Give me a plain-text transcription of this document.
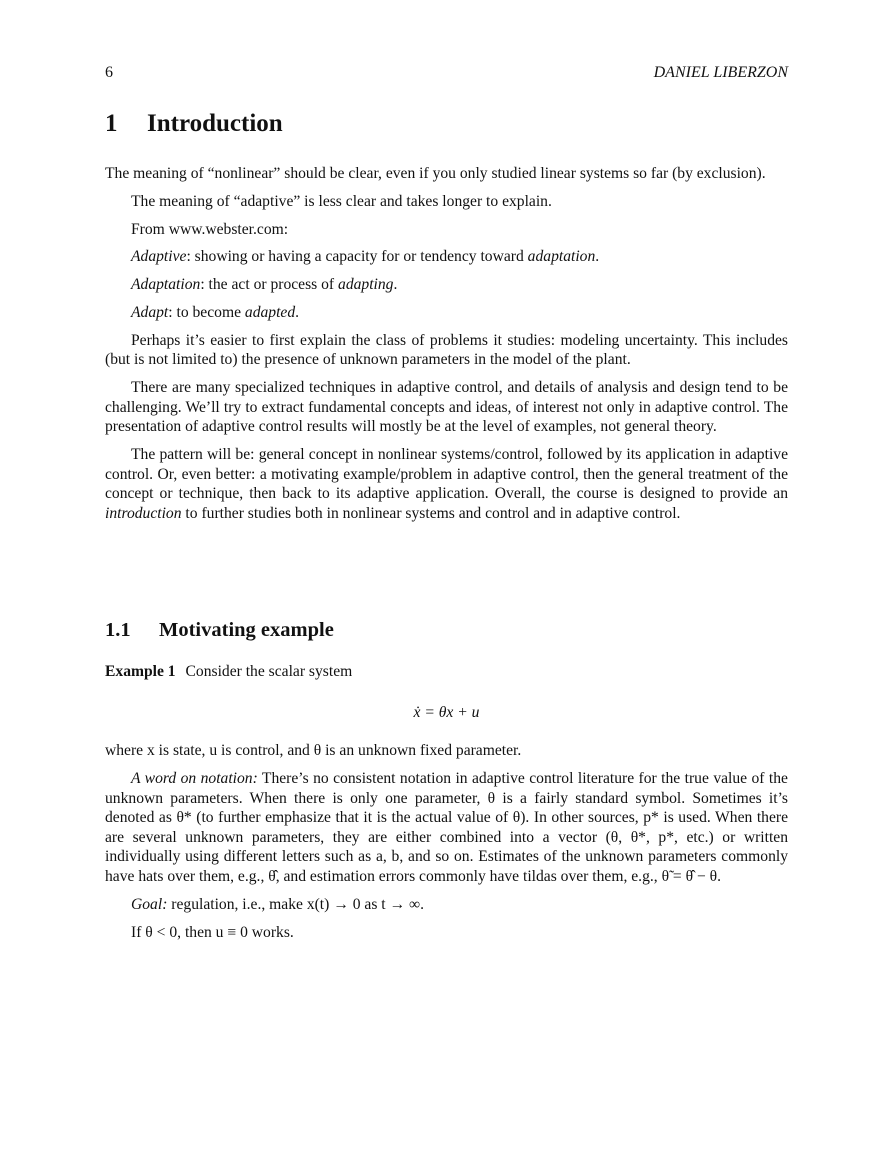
6	DANIEL LIBERZON
1 Introduction

The meaning of “nonlinear” should be clear, even if you only studied linear systems so far (by exclusion).

The meaning of “adaptive” is less clear and takes longer to explain.

From www.webster.com:

Adaptive: showing or having a capacity for or tendency toward adaptation.

Adaptation: the act or process of adapting.

Adapt: to become adapted.

Perhaps it’s easier to first explain the class of problems it studies: modeling uncertainty. This includes (but is not limited to) the presence of unknown parameters in the model of the plant.

There are many specialized techniques in adaptive control, and details of analysis and design tend to be challenging. We’ll try to extract fundamental concepts and ideas, of interest not only in adaptive control. The presentation of adaptive control results will mostly be at the level of examples, not general theory.

The pattern will be: general concept in nonlinear systems/control, followed by its application in adaptive control. Or, even better: a motivating example/problem in adaptive control, then the general treatment of the concept or technique, then back to its adaptive application. Overall, the course is designed to provide an introduction to further studies both in nonlinear systems and control and in adaptive control.

1.1 Motivating example

Example 1 Consider the scalar system

ẋ = θx + u

where x is state, u is control, and θ is an unknown fixed parameter.

A word on notation: There’s no consistent notation in adaptive control literature for the true value of the unknown parameters. When there is only one parameter, θ is a fairly standard symbol. Sometimes it’s denoted as θ* (to further emphasize that it is the actual value of θ). In other sources, p* is used. When there are several unknown parameters, they are either combined into a vector (θ, θ*, p*, etc.) or written individually using different letters such as a, b, and so on. Estimates of the unknown parameters commonly have hats over them, e.g., θ̂, and estimation errors commonly have tildas over them, e.g., θ̃ = θ̂ − θ.

Goal: regulation, i.e., make x(t) → 0 as t → ∞.

If θ < 0, then u ≡ 0 works.
